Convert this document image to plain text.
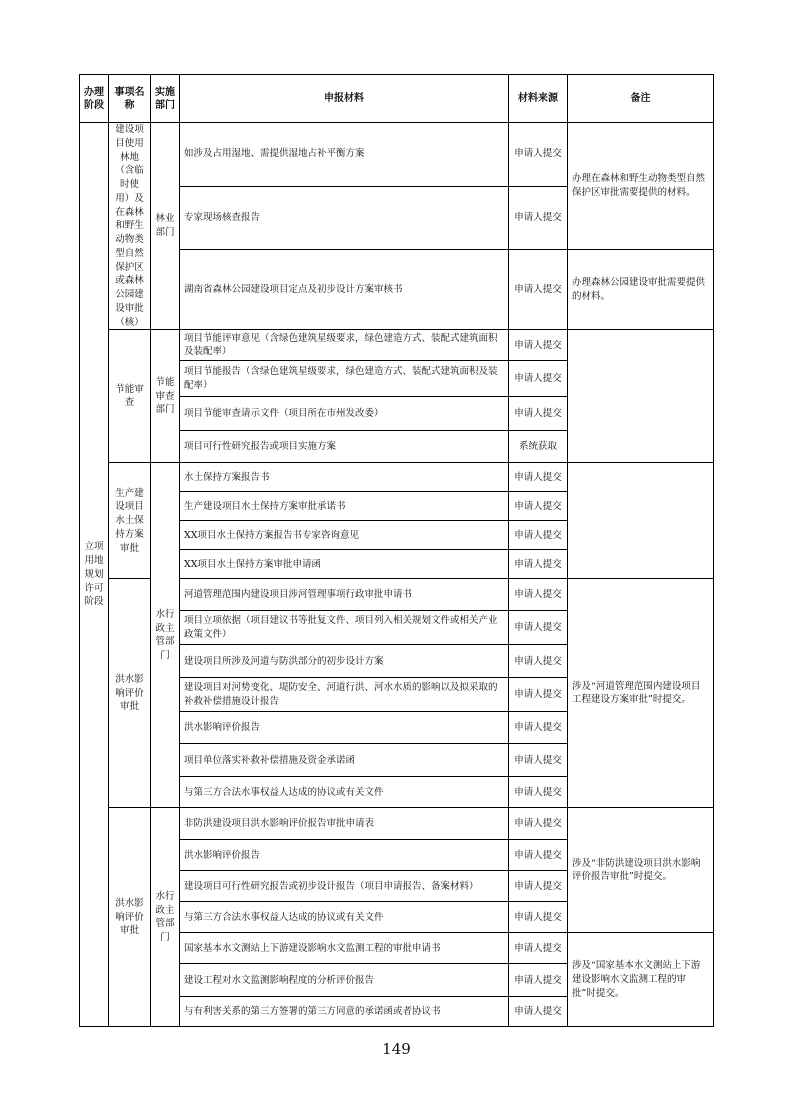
办理阶段	事项名称	实施部门	申报材料	材料来源	备注
立项用地规划许可阶段	建设项目使用林地（含临时使用）及在森林和野生动物类型自然保护区或森林公园建设审批（核）	林业部门	如涉及占用湿地、需提供湿地占补平衡方案	申请人提交	办理在森林和野生动物类型自然保护区审批需要提供的材料。
			专家现场核查报告	申请人提交	
			湖南省森林公园建设项目定点及初步设计方案审核书	申请人提交	办理森林公园建设审批需要提供的材料。
	节能审查	节能审查部门	项目节能评审意见（含绿色建筑星级要求，绿色建造方式、装配式建筑面积及装配率）	申请人提交	
			项目节能报告（含绿色建筑星级要求，绿色建造方式、装配式建筑面积及装配率）	申请人提交	
			项目节能审查请示文件（项目所在市州发改委）	申请人提交	
			项目可行性研究报告或项目实施方案	系统获取	
	生产建设项目水土保持方案审批	水行政主管部门	水土保持方案报告书	申请人提交	
			生产建设项目水土保持方案审批承诺书	申请人提交	
			XX项目水土保持方案报告书专家咨询意见	申请人提交	
			XX项目水土保持方案审批申请函	申请人提交	
	洪水影响评价审批		河道管理范围内建设项目涉河管理事项行政审批申请书	申请人提交	涉及“河道管理范围内建设项目工程建设方案审批”时提交。
			项目立项依据（项目建议书等批复文件、项目列入相关规划文件或相关产业政策文件）	申请人提交	
			建设项目所涉及河道与防洪部分的初步设计方案	申请人提交	
			建设项目对河势变化、堤防安全、河道行洪、河水水质的影响以及拟采取的补救补偿措施设计报告	申请人提交	
			洪水影响评价报告	申请人提交	
			项目单位落实补救补偿措施及资金承诺函	申请人提交	
			与第三方合法水事权益人达成的协议或有关文件	申请人提交	
	洪水影响评价审批	水行政主管部门	非防洪建设项目洪水影响评价报告审批申请表	申请人提交	涉及“非防洪建设项目洪水影响评价报告审批”时提交。
			洪水影响评价报告	申请人提交	
			建设项目可行性研究报告或初步设计报告（项目申请报告、备案材料）	申请人提交	
			与第三方合法水事权益人达成的协议或有关文件	申请人提交	
			国家基本水文测站上下游建设影响水文监测工程的审批申请书	申请人提交	涉及“国家基本水文测站上下游建设影响水文监测工程的审批”时提交。
			建设工程对水文监测影响程度的分析评价报告	申请人提交	
			与有利害关系的第三方签署的第三方同意的承诺函或者协议书	申请人提交	
149
